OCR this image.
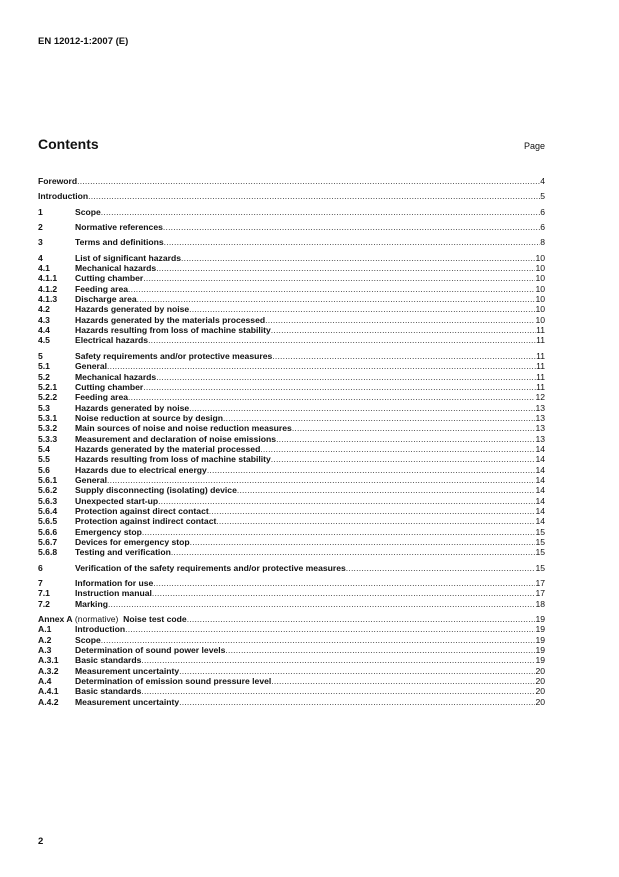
EN 12012-1:2007 (E)
Contents	Page
Foreword .....	4
Introduction .....	5
1	Scope .....	6
2	Normative references .....	6
3	Terms and definitions .....	8
4	List of significant hazards .....	10
4.1	Mechanical hazards .....	10
4.1.1	Cutting chamber .....	10
4.1.2	Feeding area .....	10
4.1.3	Discharge area .....	10
4.2	Hazards generated by noise .....	10
4.3	Hazards generated by the materials processed .....	10
4.4	Hazards resulting from loss of machine stability .....	11
4.5	Electrical hazards .....	11
5	Safety requirements and/or protective measures .....	11
5.1	General .....	11
5.2	Mechanical hazards .....	11
5.2.1	Cutting chamber .....	11
5.2.2	Feeding area .....	12
5.3	Hazards generated by noise .....	13
5.3.1	Noise reduction at source by design .....	13
5.3.2	Main sources of noise and noise reduction measures .....	13
5.3.3	Measurement and declaration of noise emissions .....	13
5.4	Hazards generated by the material processed .....	14
5.5	Hazards resulting from loss of machine stability .....	14
5.6	Hazards due to electrical energy .....	14
5.6.1	General .....	14
5.6.2	Supply disconnecting (isolating) device .....	14
5.6.3	Unexpected start-up .....	14
5.6.4	Protection against direct contact .....	14
5.6.5	Protection against indirect contact .....	14
5.6.6	Emergency stop .....	15
5.6.7	Devices for emergency stop .....	15
5.6.8	Testing and verification .....	15
6	Verification of the safety requirements and/or protective measures .....	15
7	Information for use .....	17
7.1	Instruction manual .....	17
7.2	Marking .....	18
Annex A (normative)  Noise test code .....	19
A.1	Introduction .....	19
A.2	Scope .....	19
A.3	Determination of sound power levels .....	19
A.3.1	Basic standards .....	19
A.3.2	Measurement uncertainty .....	20
A.4	Determination of emission sound pressure level .....	20
A.4.1	Basic standards .....	20
A.4.2	Measurement uncertainty .....	20
2
